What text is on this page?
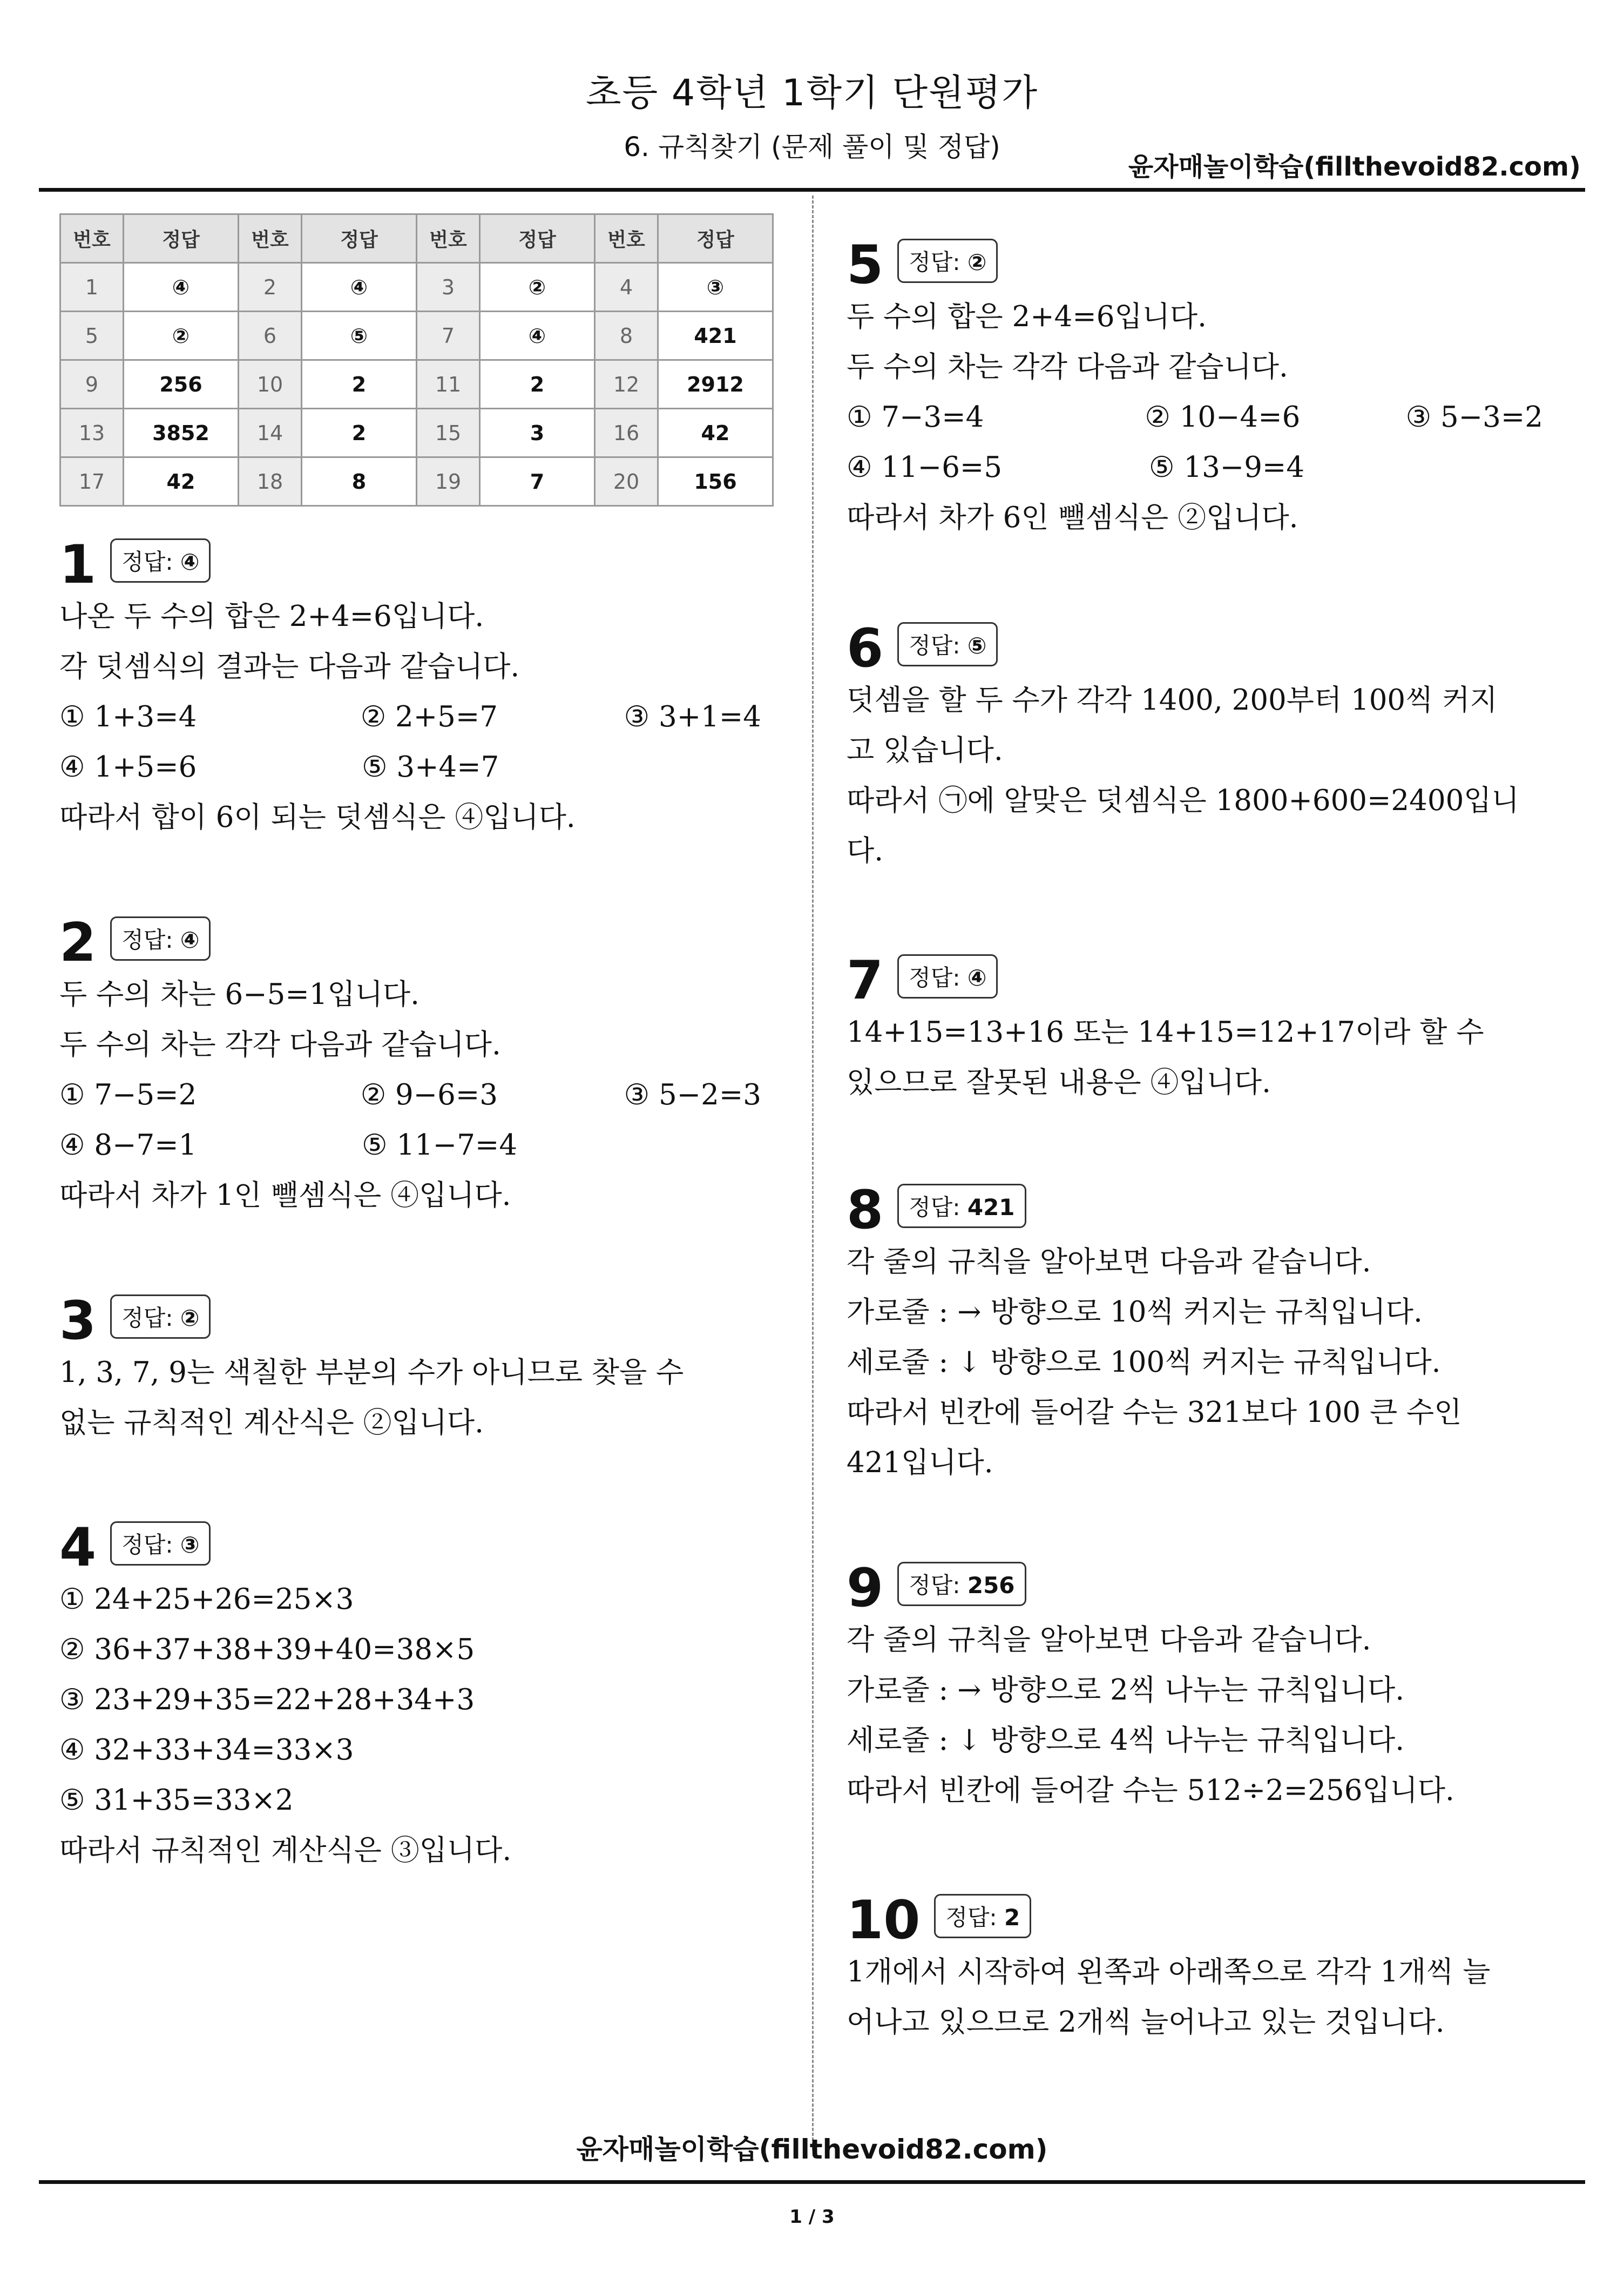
초등 4학년 1학기 단원평가
6. 규칙찾기 (문제 풀이 및 정답)
윤자매놀이학습(fillthevoid82.com)
번호	정답	번호	정답	번호	정답	번호	정답
1	④	2	④	3	②	4	③
5	②	6	⑤	7	④	8	421
9	256	10	2	11	2	12	2912
13	3852	14	2	15	3	16	42
17	42	18	8	19	7	20	156
1	정답: ④
나온 두 수의 합은 2+4=6입니다.
각 덧셈식의 결과는 다음과 같습니다.
① 1+3=4	② 2+5=7	③ 3+1=4
④ 1+5=6	⑤ 3+4=7
따라서 합이 6이 되는 덧셈식은 ④입니다.
2	정답: ④
두 수의 차는 6−5=1입니다.
두 수의 차는 각각 다음과 같습니다.
① 7−5=2	② 9−6=3	③ 5−2=3
④ 8−7=1	⑤ 11−7=4
따라서 차가 1인 뺄셈식은 ④입니다.
3	정답: ②
1, 3, 7, 9는 색칠한 부분의 수가 아니므로 찾을 수
없는 규칙적인 계산식은 ②입니다.
4	정답: ③
① 24+25+26=25×3
② 36+37+38+39+40=38×5
③ 23+29+35=22+28+34+3
④ 32+33+34=33×3
⑤ 31+35=33×2
따라서 규칙적인 계산식은 ③입니다.
5	정답: ②
두 수의 합은 2+4=6입니다.
두 수의 차는 각각 다음과 같습니다.
① 7−3=4	② 10−4=6	③ 5−3=2
④ 11−6=5	⑤ 13−9=4
따라서 차가 6인 뺄셈식은 ②입니다.
6	정답: ⑤
덧셈을 할 두 수가 각각 1400, 200부터 100씩 커지
고 있습니다.
따라서 ㉠에 알맞은 덧셈식은 1800+600=2400입니
다.
7	정답: ④
14+15=13+16 또는 14+15=12+17이라 할 수
있으므로 잘못된 내용은 ④입니다.
8	정답: 421
각 줄의 규칙을 알아보면 다음과 같습니다.
가로줄 : → 방향으로 10씩 커지는 규칙입니다.
세로줄 : ↓ 방향으로 100씩 커지는 규칙입니다.
따라서 빈칸에 들어갈 수는 321보다 100 큰 수인
421입니다.
9	정답: 256
각 줄의 규칙을 알아보면 다음과 같습니다.
가로줄 : → 방향으로 2씩 나누는 규칙입니다.
세로줄 : ↓ 방향으로 4씩 나누는 규칙입니다.
따라서 빈칸에 들어갈 수는 512÷2=256입니다.
10	정답: 2
1개에서 시작하여 왼쪽과 아래쪽으로 각각 1개씩 늘
어나고 있으므로 2개씩 늘어나고 있는 것입니다.
윤자매놀이학습(fillthevoid82.com)
1 / 3
